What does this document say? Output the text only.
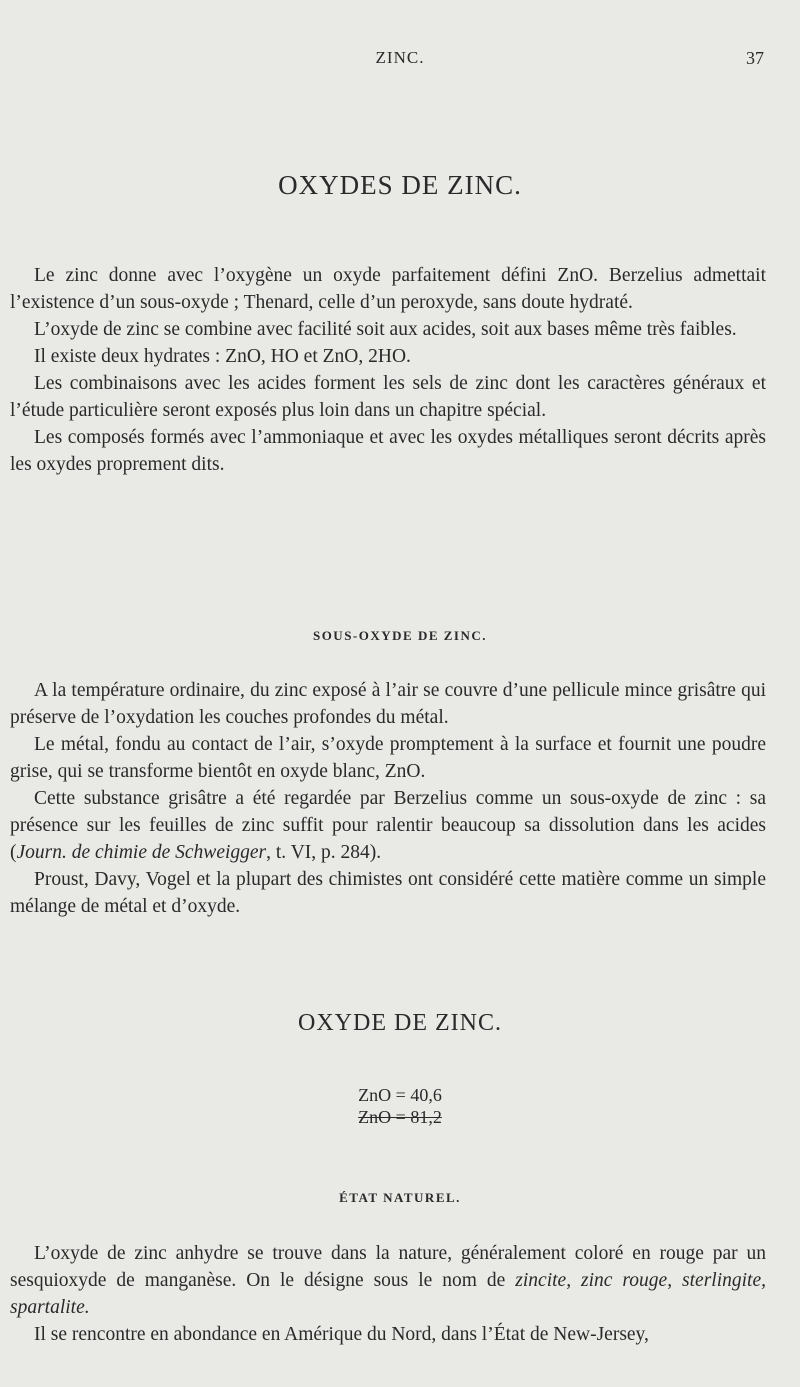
ZINC.	37
OXYDES DE ZINC.

Le zinc donne avec l’oxygène un oxyde parfaitement défini ZnO. Berzelius admettait l’existence d’un sous-oxyde ; Thenard, celle d’un peroxyde, sans doute hydraté.

L’oxyde de zinc se combine avec facilité soit aux acides, soit aux bases même très faibles.

Il existe deux hydrates : ZnO, HO et ZnO, 2HO.

Les combinaisons avec les acides forment les sels de zinc dont les caractères généraux et l’étude particulière seront exposés plus loin dans un chapitre spécial.

Les composés formés avec l’ammoniaque et avec les oxydes métalliques seront décrits après les oxydes proprement dits.

SOUS-OXYDE DE ZINC.

A la température ordinaire, du zinc exposé à l’air se couvre d’une pellicule mince grisâtre qui préserve de l’oxydation les couches profondes du métal.

Le métal, fondu au contact de l’air, s’oxyde promptement à la surface et fournit une poudre grise, qui se transforme bientôt en oxyde blanc, ZnO.

Cette substance grisâtre a été regardée par Berzelius comme un sous-oxyde de zinc : sa présence sur les feuilles de zinc suffit pour ralentir beaucoup sa dissolution dans les acides (Journ. de chimie de Schweigger, t. VI, p. 284).

Proust, Davy, Vogel et la plupart des chimistes ont considéré cette matière comme un simple mélange de métal et d’oxyde.

OXYDE DE ZINC.
ZnO = 40,6
ZnO = 81,2
ÉTAT NATUREL.

L’oxyde de zinc anhydre se trouve dans la nature, généralement coloré en rouge par un sesquioxyde de manganèse. On le désigne sous le nom de zincite, zinc rouge, sterlingite, spartalite.

Il se rencontre en abondance en Amérique du Nord, dans l’État de New-Jersey,
